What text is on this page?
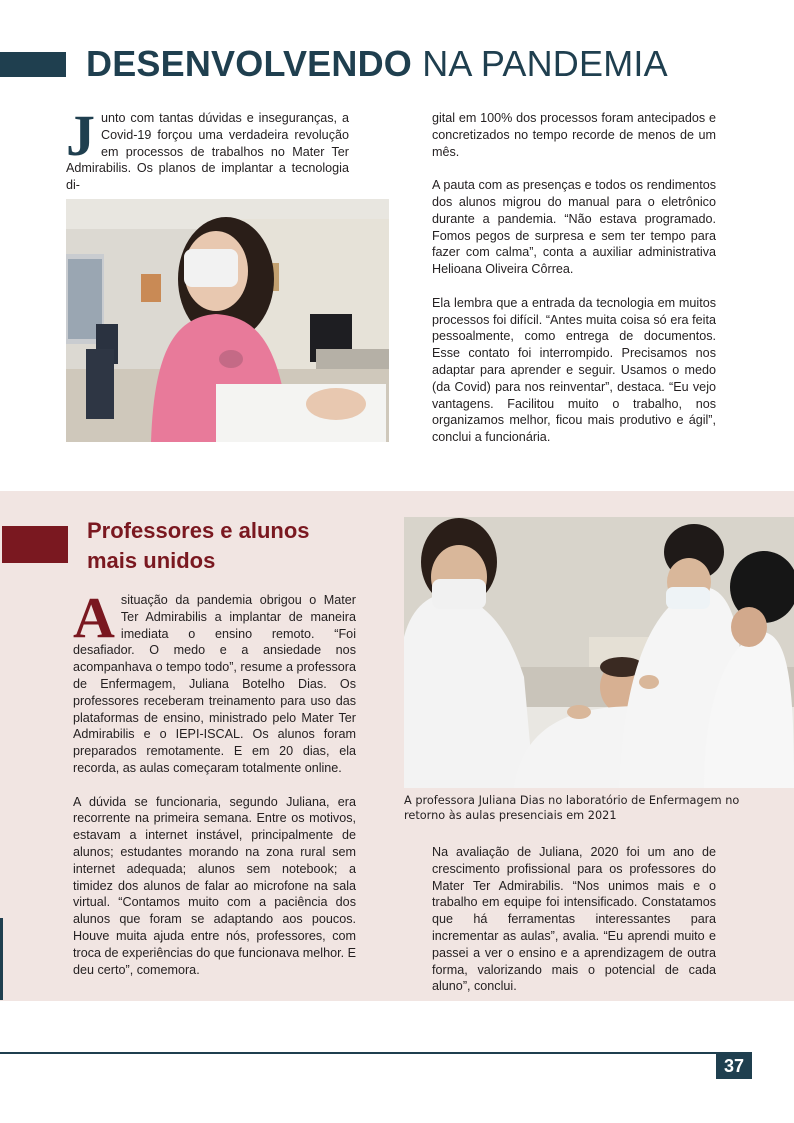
DESENVOLVENDO NA PANDEMIA
Junto com tantas dúvidas e inseguranças, a Covid-19 forçou uma verdadeira revolução em processos de trabalhos no Mater Ter Admirabilis. Os planos de implantar a tecnologia di-

gital em 100% dos processos foram antecipados e concretizados no tempo recorde de menos de um mês.

A pauta com as presenças e todos os rendimentos dos alunos migrou do manual para o eletrônico durante a pandemia. “Não estava programado. Fomos pegos de surpresa e sem ter tempo para fazer com calma”, conta a auxiliar administrativa Helioana Oliveira Côrrea.

Ela lembra que a entrada da tecnologia em muitos processos foi difícil. “Antes muita coisa só era feita pessoalmente, como entrega de documentos. Esse contato foi interrompido. Precisamos nos adaptar para aprender e seguir. Usamos o medo (da Covid) para nos reinventar”, destaca. “Eu vejo vantagens. Facilitou muito o trabalho, nos organizamos melhor, ficou mais produtivo e ágil”, conclui a funcionária.

Professores e alunos
mais unidos

Asituação da pandemia obrigou o Mater Ter Admirabilis a implantar de maneira imediata o ensino remoto. “Foi desafiador. O medo e a ansiedade nos acompanhava o tempo todo”, resume a professora de Enfermagem, Juliana Botelho Dias. Os professores receberam treinamento para uso das plataformas de ensino, ministrado pelo Mater Ter Admirabilis e o IEPI-ISCAL. Os alunos foram preparados remotamente. E em 20 dias, ela recorda, as aulas começaram totalmente online.

A dúvida se funcionaria, segundo Juliana, era recorrente na primeira semana. Entre os motivos, estavam a internet instável, principalmente de alunos; estudantes morando na zona rural sem internet adequada; alunos sem notebook; a timidez dos alunos de falar ao microfone na sala virtual. “Contamos muito com a paciência dos alunos que foram se adaptando aos poucos. Houve muita ajuda entre nós, professores, com troca de experiências do que funcionava melhor. E deu certo”, comemora.

A professora Juliana Dias no laboratório de Enfermagem no retorno às aulas presenciais em 2021

Na avaliação de Juliana, 2020 foi um ano de crescimento profissional para os professores do Mater Ter Admirabilis. “Nos unimos mais e o trabalho em equipe foi intensificado. Constatamos que há ferramentas interessantes para incrementar as aulas”, avalia. “Eu aprendi muito e passei a ver o ensino e a aprendizagem de outra forma, valorizando mais o potencial de cada aluno”, conclui.

37
